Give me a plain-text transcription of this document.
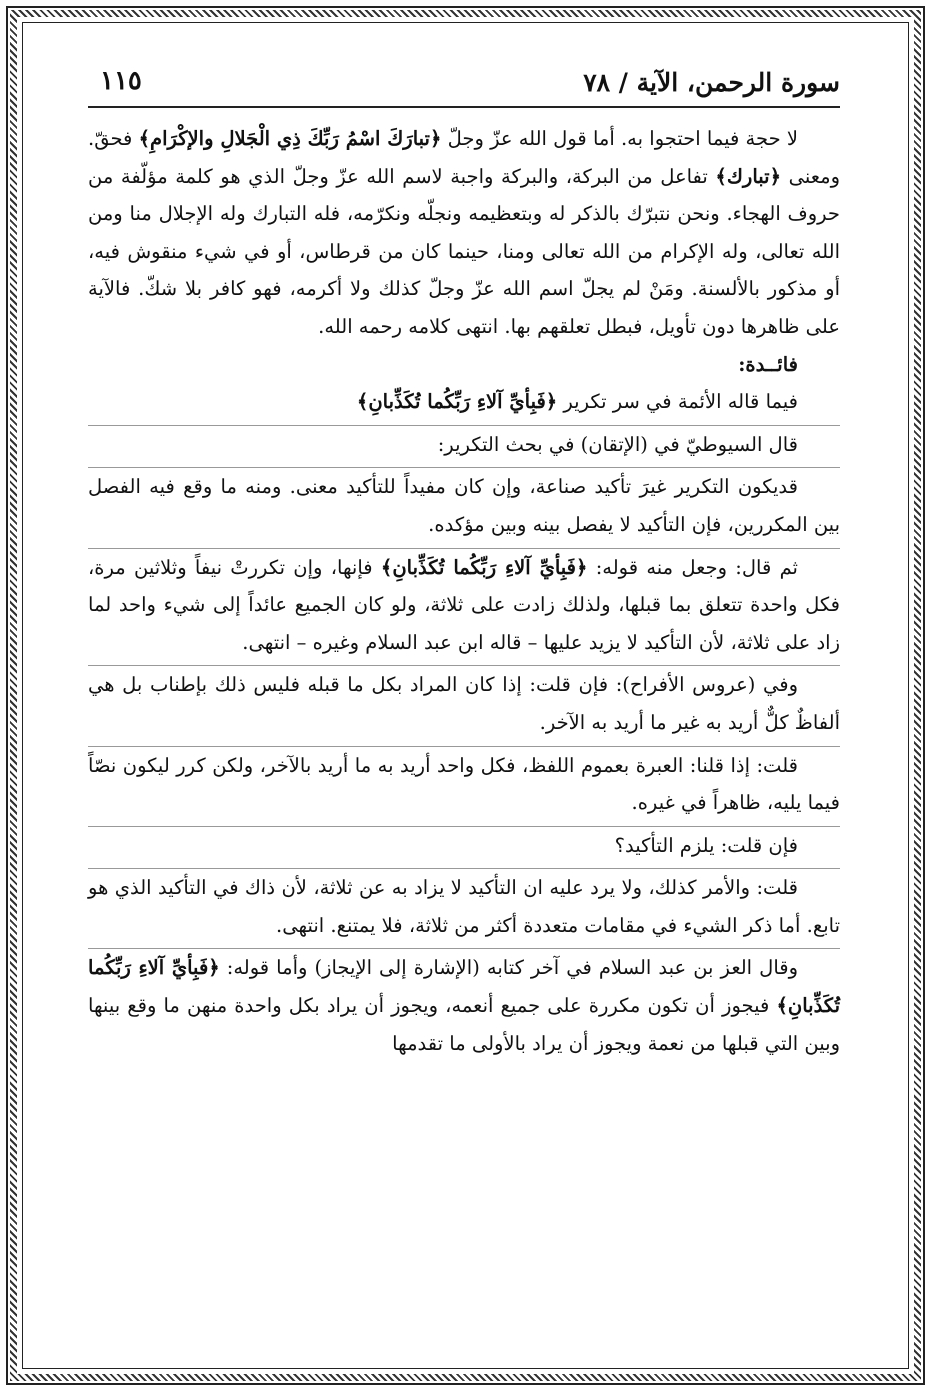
سورة الرحمن، الآية / ٧٨
١١٥

لا حجة فيما احتجوا به. أما قول الله عزّ وجلّ ﴿تبارَكَ اسْمُ رَبِّكَ ذِي الْجَلالِ والإكْرَامِ﴾ فحقّ. ومعنى ﴿تبارك﴾ تفاعل من البركة، والبركة واجبة لاسم الله عزّ وجلّ الذي هو كلمة مؤلّفة من حروف الهجاء. ونحن نتبرّك بالذكر له وبتعظيمه ونجلّه ونكرّمه، فله التبارك وله الإجلال منا ومن الله تعالى، وله الإكرام من الله تعالى ومنا، حينما كان من قرطاس، أو في شيء منقوش فيه، أو مذكور بالألسنة. ومَنْ لم يجلّ اسم الله عزّ وجلّ كذلك ولا أكرمه، فهو كافر بلا شكّ. فالآية على ظاهرها دون تأويل، فبطل تعلقهم بها. انتهى كلامه رحمه الله.

فائــدة:

فيما قاله الأئمة في سر تكرير ﴿فَبِأيِّ آلاءِ رَبِّكُما تُكَذِّبانِ﴾

قال السيوطيّ في (الإتقان) في بحث التكرير:

قديكون التكرير غيرَ تأكيد صناعة، وإن كان مفيداً للتأكيد معنى. ومنه ما وقع فيه الفصل بين المكررين، فإن التأكيد لا يفصل بينه وبين مؤكده.

ثم قال: وجعل منه قوله: ﴿فَبِأيِّ آلاءِ رَبِّكُما تُكَذِّبانِ﴾ فإنها، وإن تكررتْ نيفاً وثلاثين مرة، فكل واحدة تتعلق بما قبلها، ولذلك زادت على ثلاثة، ولو كان الجميع عائداً إلى شيء واحد لما زاد على ثلاثة، لأن التأكيد لا يزيد عليها – قاله ابن عبد السلام وغيره – انتهى.

وفي (عروس الأفراح): فإن قلت: إذا كان المراد بكل ما قبله فليس ذلك بإطناب بل هي ألفاظٌ كلٌّ أريد به غير ما أريد به الآخر.

قلت: إذا قلنا: العبرة بعموم اللفظ، فكل واحد أريد به ما أريد بالآخر، ولكن كرر ليكون نصّاً فيما يليه، ظاهراً في غيره.

فإن قلت: يلزم التأكيد؟

قلت: والأمر كذلك، ولا يرد عليه ان التأكيد لا يزاد به عن ثلاثة، لأن ذاك في التأكيد الذي هو تابع. أما ذكر الشيء في مقامات متعددة أكثر من ثلاثة، فلا يمتنع. انتهى.

وقال العز بن عبد السلام في آخر كتابه (الإشارة إلى الإيجاز) وأما قوله: ﴿فَبِأيِّ آلاءِ رَبِّكُما تُكَذِّبانِ﴾ فيجوز أن تكون مكررة على جميع أنعمه، ويجوز أن يراد بكل واحدة منهن ما وقع بينها وبين التي قبلها من نعمة ويجوز أن يراد بالأولى ما تقدمها
